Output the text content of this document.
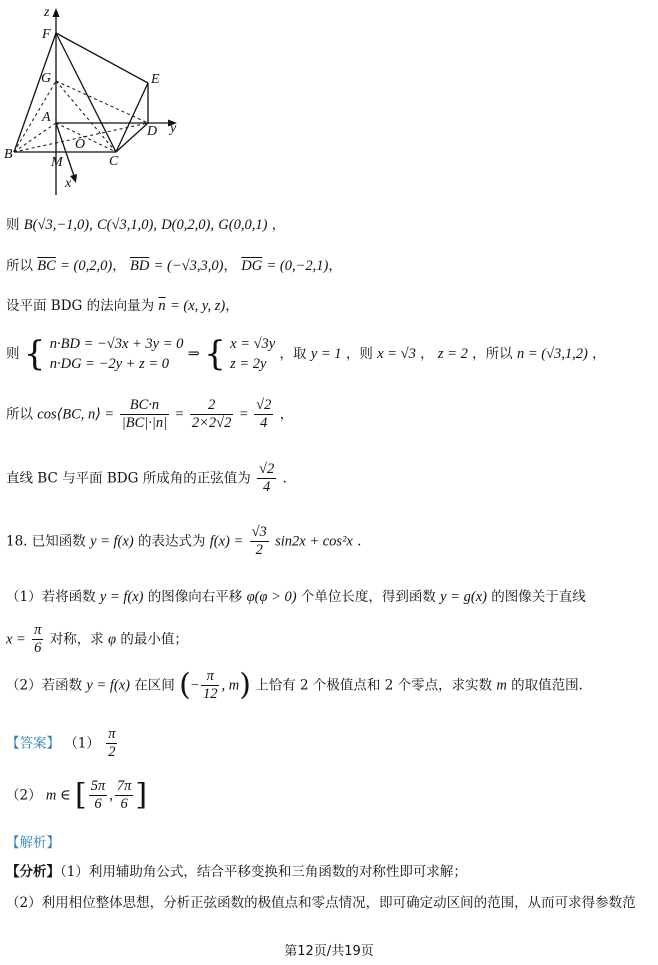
z
F
G	E
A
D y
O
B
M	C
x
则 B(√3,−1,0), C(√3,1,0), D(0,2,0), G(0,0,1) ，
所以 $\overline{BC} = (0,2,0)$， $\overline{BD} = (-√3,3,0)$， $\overline{DG} = (0,-2,1)$，
设平面 BDG 的法向量为 $\overline{n} = (x$, y, z)，
则 { n·BD = −√3x + 3y = 0
n·DG = −2y + z = 0
⇒ { x = √3y
z = 2y
，取 y = 1 ，则 x = √3 ， z = 2 ，所以 n = (√3,1,2) ，
所以 cos⟨BC, n⟩ = $\frac{BC\cdot n}{|BC|\cdot|n|} = \frac{2}{2\times 2√2} = \frac{√2}{4}$ ，
直线 BC 与平面 BDG 所成角的正弦值为 $\frac{√2}{4}$ .
18. 已知函数 y = f(x) 的表达式为 $f(x) = \frac{√3}{2} \sin 2x + \cos^2x$ .
（1）若将函数 y = f(x) 的图像向右平移 φ(φ > 0) 个单位长度，得到函数 y = g(x) 的图像关于直线
$x = \frac{\pi}{6}$ 对称，求 φ 的最小值；
（2）若函数 y = f(x) 在区间 (− $\frac{\pi}{12}$ , m) 上恰有 2 个极值点和 2 个零点，求实数 m 的取值范围.
【答案】 $(1) \frac{\pi}{2}$
（2） m ∈ [ $\frac{5\pi}{6}$ , $\frac{7\pi}{6}$ ]
【解析】
【分析】（1）利用辅助角公式，结合平移变换和三角函数的对称性即可求解；
（2）利用相位整体思想，分析正弦函数的极值点和零点情况，即可确定动区间的范围，从而可求得参数范
第12页/共19页
